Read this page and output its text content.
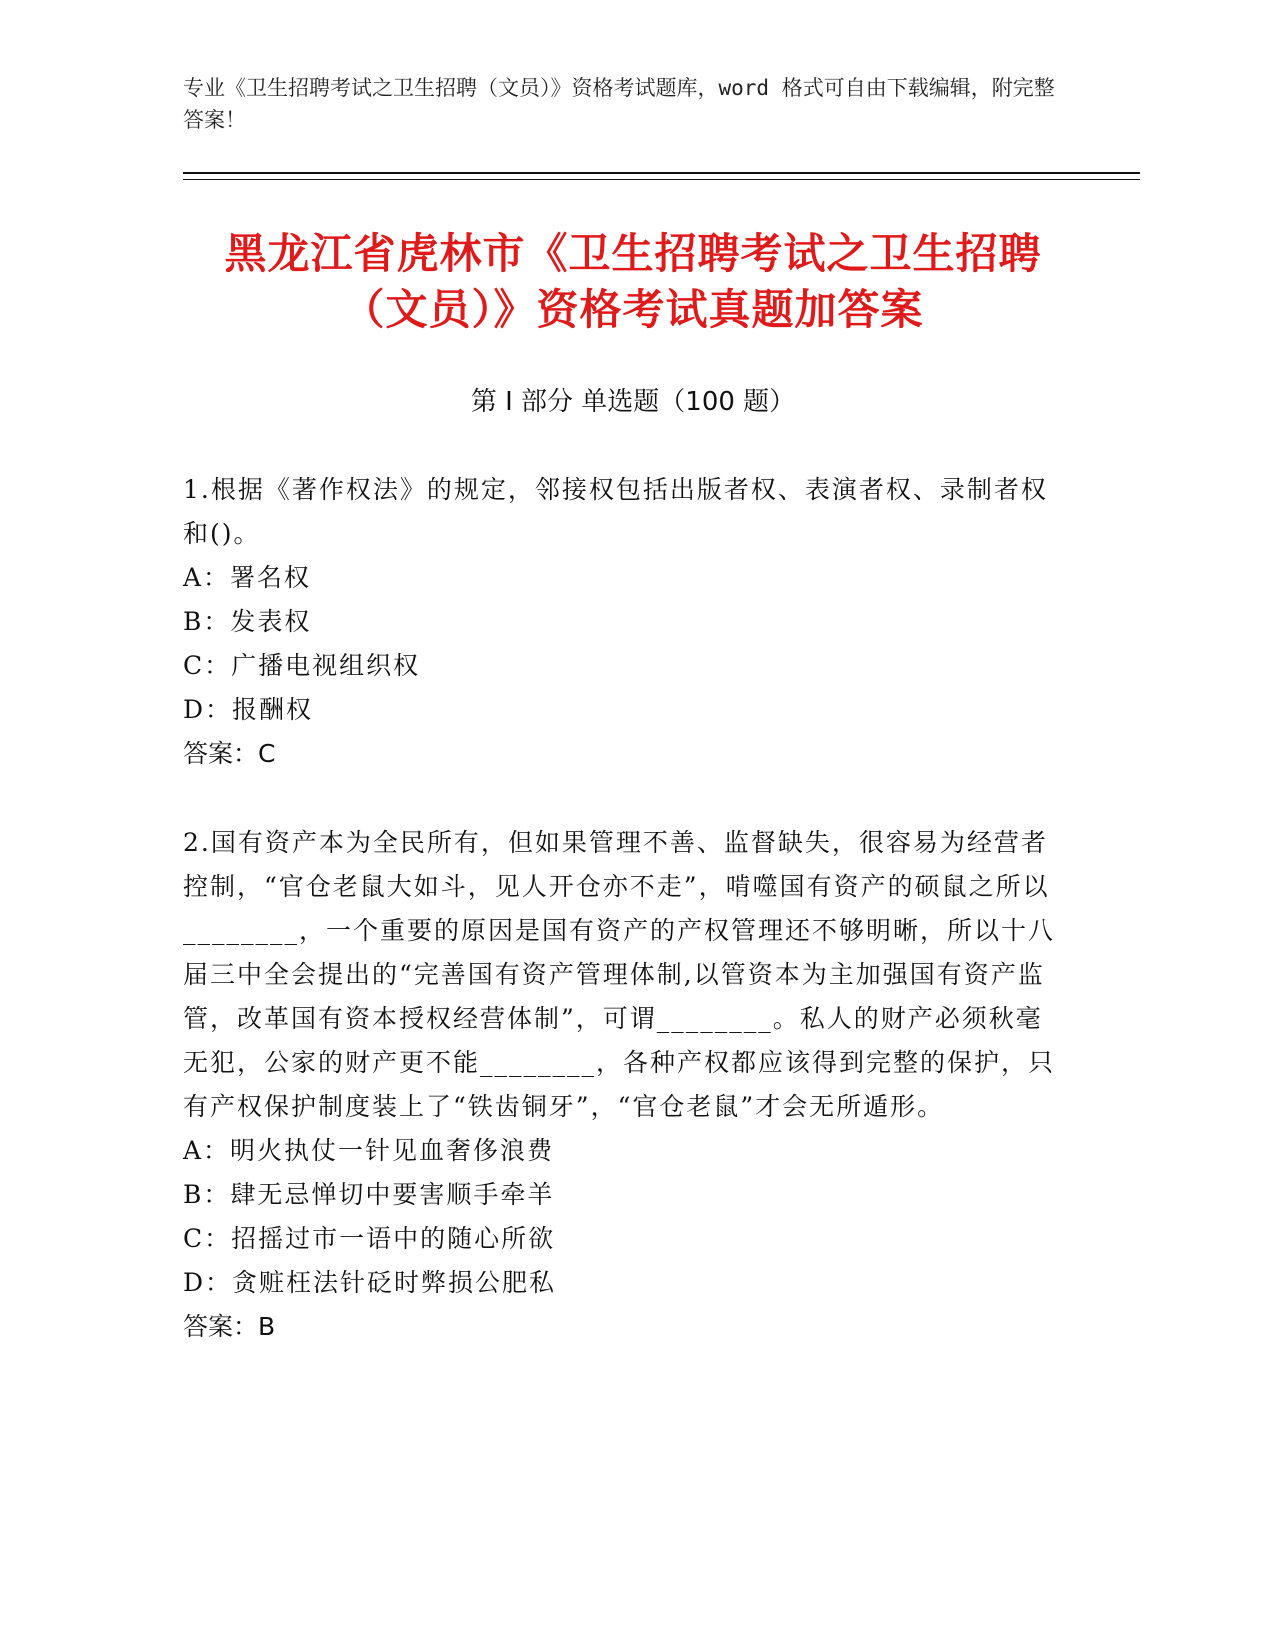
专业《卫生招聘考试之卫生招聘（文员）》资格考试题库，word 格式可自由下载编辑，附完整答案！
黑龙江省虎林市《卫生招聘考试之卫生招聘
（文员）》资格考试真题加答案
第 I 部分 单选题（100 题）

1.根据《著作权法》的规定，邻接权包括出版者权、表演者权、录制者权和()。

A：署名权

B：发表权

C：广播电视组织权

D：报酬权

答案：C

2.国有资产本为全民所有，但如果管理不善、监督缺失，很容易为经营者控制，“官仓老鼠大如斗，见人开仓亦不走”，啃噬国有资产的硕鼠之所以________，一个重要的原因是国有资产的产权管理还不够明晰，所以十八届三中全会提出的“完善国有资产管理体制,以管资本为主加强国有资产监管，改革国有资本授权经营体制”，可谓________。私人的财产必须秋毫无犯，公家的财产更不能________，各种产权都应该得到完整的保护，只有产权保护制度装上了“铁齿铜牙”，“官仓老鼠”才会无所遁形。

A：明火执仗一针见血奢侈浪费

B：肆无忌惮切中要害顺手牵羊

C：招摇过市一语中的随心所欲

D：贪赃枉法针砭时弊损公肥私

答案：B
